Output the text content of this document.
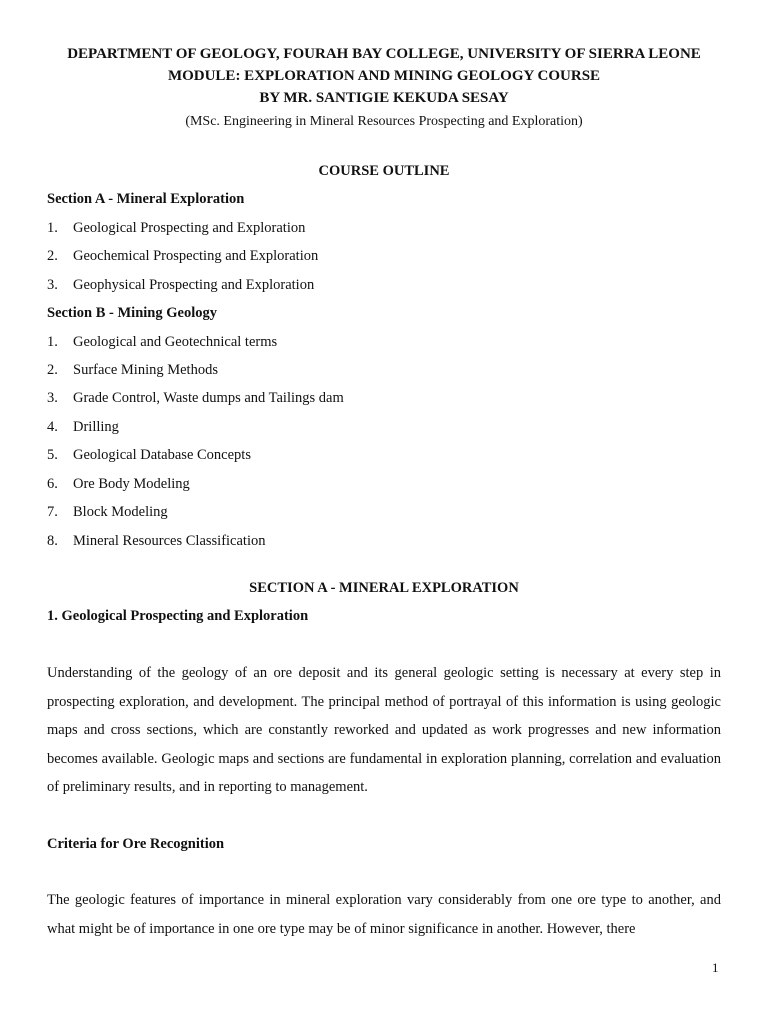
DEPARTMENT OF GEOLOGY, FOURAH BAY COLLEGE, UNIVERSITY OF SIERRA LEONE
MODULE: EXPLORATION AND MINING GEOLOGY COURSE
BY MR. SANTIGIE KEKUDA SESAY
(MSc. Engineering in Mineral Resources Prospecting and Exploration)
COURSE OUTLINE
Section A - Mineral Exploration
1. Geological Prospecting and Exploration
2. Geochemical Prospecting and Exploration
3. Geophysical Prospecting and Exploration
Section B - Mining Geology
1. Geological and Geotechnical terms
2. Surface Mining Methods
3. Grade Control, Waste dumps and Tailings dam
4. Drilling
5. Geological Database Concepts
6. Ore Body Modeling
7. Block Modeling
8. Mineral Resources Classification
SECTION A - MINERAL EXPLORATION
1. Geological Prospecting and Exploration
Understanding of the geology of an ore deposit and its general geologic setting is necessary at every step in prospecting exploration, and development. The principal method of portrayal of this information is using geologic maps and cross sections, which are constantly reworked and updated as work progresses and new information becomes available. Geologic maps and sections are fundamental in exploration planning, correlation and evaluation of preliminary results, and in reporting to management.
Criteria for Ore Recognition
The geologic features of importance in mineral exploration vary considerably from one ore type to another, and what might be of importance in one ore type may be of minor significance in another. However, there
1
